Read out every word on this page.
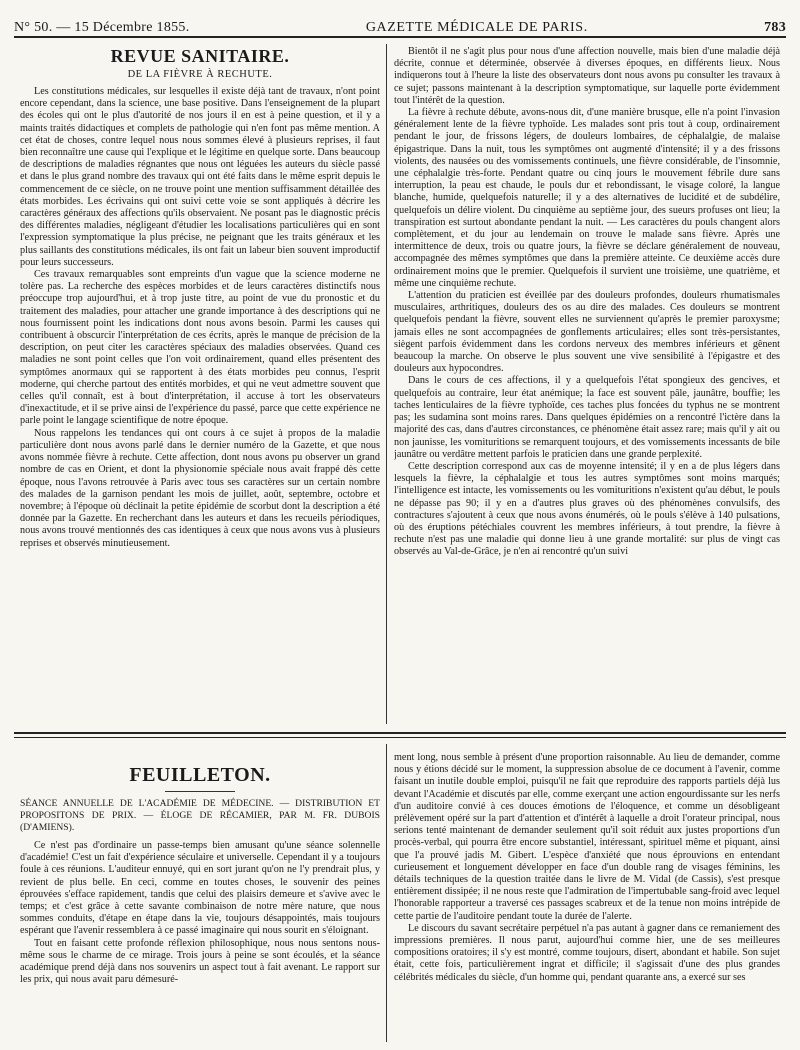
N° 50. — 15 Décembre 1855.	GAZETTE MÉDICALE DE PARIS.	783
REVUE SANITAIRE.
DE LA FIÈVRE À RECHUTE.

Les constitutions médicales, sur lesquelles il existe déjà tant de travaux, n'ont point encore cependant, dans la science, une base positive. Dans l'enseignement de la plupart des écoles qui ont le plus d'autorité de nos jours il en est à peine question, et il y a maints traités didactiques et complets de pathologie qui n'en font pas même mention. A cet état de choses, contre lequel nous nous sommes élevé à plusieurs reprises, il faut bien reconnaître une cause qui l'explique et le légitime en quelque sorte. Dans beaucoup de descriptions de maladies régnantes que nous ont léguées les auteurs du siècle passé et dans le plus grand nombre des travaux qui ont été faits dans le même esprit depuis le commencement de ce siècle, on ne trouve point une mention suffisamment détaillée des états morbides. Les écrivains qui ont suivi cette voie se sont appliqués à décrire les caractères généraux des affections qu'ils observaient. Ne posant pas le diagnostic précis des différentes maladies, négligeant d'étudier les localisations particulières qui en sont l'expression symptomatique la plus précise, ne peignant que les traits généraux et les plus saillants des constitutions médicales, ils ont fait un labeur bien souvent improductif pour leurs successeurs.

Ces travaux remarquables sont empreints d'un vague que la science moderne ne tolère pas. La recherche des espèces morbides et de leurs caractères distinctifs nous préoccupe trop aujourd'hui, et à trop juste titre, au point de vue du pronostic et du traitement des maladies, pour attacher une grande importance à des descriptions qui ne nous fournissent point les indications dont nous avons besoin. Parmi les causes qui contribuent à obscurcir l'interprétation de ces écrits, après le manque de précision de la description, on peut citer les caractères spéciaux des maladies observées. Quand ces maladies ne sont point celles que l'on voit ordinairement, quand elles présentent des symptômes anormaux qui se rapportent à des états morbides peu connus, l'esprit moderne, qui cherche partout des entités morbides, et qui ne veut admettre souvent que celles qu'il connaît, est à bout d'interprétation, il accuse à tort les observateurs d'inexactitude, et il se prive ainsi de l'expérience du passé, parce que cette expérience ne parle point le langage scientifique de notre époque.

Nous rappelons les tendances qui ont cours à ce sujet à propos de la maladie particulière dont nous avons parlé dans le dernier numéro de la Gazette, et que nous avons nommée fièvre à rechute. Cette affection, dont nous avons pu observer un grand nombre de cas en Orient, et dont la physionomie spéciale nous avait frappé dès cette époque, nous l'avons retrouvée à Paris avec tous ses caractères sur un certain nombre des malades de la garnison pendant les mois de juillet, août, septembre, octobre et novembre; à l'époque où déclinait la petite épidémie de scorbut dont la description a été donnée par la Gazette. En recherchant dans les auteurs et dans les recueils périodiques, nous avons trouvé mentionnés des cas identiques à ceux que nous avons vus à plusieurs reprises et observés minutieusement.

Bientôt il ne s'agit plus pour nous d'une affection nouvelle, mais bien d'une maladie déjà décrite, connue et déterminée, observée à diverses époques, en différents lieux. Nous indiquerons tout à l'heure la liste des observateurs dont nous avons pu consulter les travaux à ce sujet; passons maintenant à la description symptomatique, sur laquelle porte évidemment tout l'intérêt de la question.

La fièvre à rechute débute, avons-nous dit, d'une manière brusque, elle n'a point l'invasion généralement lente de la fièvre typhoïde. Les malades sont pris tout à coup, ordinairement pendant le jour, de frissons légers, de douleurs lombaires, de céphalalgie, de malaise épigastrique. Dans la nuit, tous les symptômes ont augmenté d'intensité; il y a des frissons violents, des nausées ou des vomissements continuels, une fièvre considérable, de l'insomnie, une céphalalgie très-forte. Pendant quatre ou cinq jours le mouvement fébrile dure sans interruption, la peau est chaude, le pouls dur et rebondissant, le visage coloré, la langue blanche, humide, quelquefois naturelle; il y a des alternatives de lucidité et de subdélire, quelquefois un délire violent. Du cinquième au septième jour, des sueurs profuses ont lieu; la transpiration est surtout abondante pendant la nuit. — Les caractères du pouls changent alors complètement, et du jour au lendemain on trouve le malade sans fièvre. Après une intermittence de deux, trois ou quatre jours, la fièvre se déclare généralement de nouveau, accompagnée des mêmes symptômes que dans la première atteinte. Ce deuxième accès dure ordinairement moins que le premier. Quelquefois il survient une troisième, une quatrième, et même une cinquième rechute.

L'attention du praticien est éveillée par des douleurs profondes, douleurs rhumatismales musculaires, arthritiques, douleurs des os au dire des malades. Ces douleurs se montrent quelquefois pendant la fièvre, souvent elles ne surviennent qu'après le premier paroxysme; jamais elles ne sont accompagnées de gonflements articulaires; elles sont très-persistantes, siègent parfois évidemment dans les cordons nerveux des membres inférieurs et gênent beaucoup la marche. On observe le plus souvent une vive sensibilité à l'épigastre et des douleurs aux hypocondres.

Dans le cours de ces affections, il y a quelquefois l'état spongieux des gencives, et quelquefois au contraire, leur état anémique; la face est souvent pâle, jaunâtre, bouffie; les taches lenticulaires de la fièvre typhoïde, ces taches plus foncées du typhus ne se montrent pas; les sudamina sont moins rares. Dans quelques épidémies on a rencontré l'ictère dans la majorité des cas, dans d'autres circonstances, ce phénomène était assez rare; mais qu'il y ait ou non jaunisse, les vomituritions se remarquent toujours, et des vomissements incessants de bile jaunâtre ou verdâtre mettent parfois le praticien dans une grande perplexité.

Cette description correspond aux cas de moyenne intensité; il y en a de plus légers dans lesquels la fièvre, la céphalalgie et tous les autres symptômes sont moins marqués; l'intelligence est intacte, les vomissements ou les vomituritions n'existent qu'au début, le pouls ne dépasse pas 90; il y en a d'autres plus graves où des phénomènes convulsifs, des contractures s'ajoutent à ceux que nous avons énumérés, où le pouls s'élève à 140 pulsations, où des éruptions pétéchiales couvrent les membres inférieurs, à tout prendre, la fièvre à rechute n'est pas une maladie qui donne lieu à une grande mortalité: sur plus de vingt cas observés au Val-de-Grâce, je n'en ai rencontré qu'un suivi

FEUILLETON.

SÉANCE ANNUELLE DE L'ACADÉMIE DE MÉDECINE. — DISTRIBUTION ET PROPOSITONS DE PRIX. — ÉLOGE DE RÉCAMIER, PAR M. FR. DUBOIS (D'AMIENS).

Ce n'est pas d'ordinaire un passe-temps bien amusant qu'une séance solennelle d'académie! C'est un fait d'expérience séculaire et universelle. Cependant il y a toujours foule à ces réunions. L'auditeur ennuyé, qui en sort jurant qu'on ne l'y prendrait plus, y revient de plus belle. En ceci, comme en toutes choses, le souvenir des peines éprouvées s'efface rapidement, tandis que celui des plaisirs demeure et s'avive avec le temps; et c'est grâce à cette savante combinaison de notre mère nature, que nous sommes conduits, d'étape en étape dans la vie, toujours désappointés, mais toujours espérant que l'avenir ressemblera à ce passé imaginaire qui nous sourit en s'éloignant.

Tout en faisant cette profonde réflexion philosophique, nous nous sentons nous-même sous le charme de ce mirage. Trois jours à peine se sont écoulés, et la séance académique prend déjà dans nos souvenirs un aspect tout à fait avenant. Le rapport sur les prix, qui nous avait paru démesuré-

ment long, nous semble à présent d'une proportion raisonnable. Au lieu de demander, comme nous y étions décidé sur le moment, la suppression absolue de ce document à l'avenir, comme faisant un inutile double emploi, puisqu'il ne fait que reproduire des rapports partiels déjà lus devant l'Académie et discutés par elle, comme exerçant une action engourdissante sur les nerfs d'un auditoire convié à ces douces émotions de l'éloquence, et comme un désobligeant prélèvement opéré sur la part d'attention et d'intérêt à laquelle a droit l'orateur principal, nous serions tenté maintenant de demander seulement qu'il soit réduit aux justes proportions d'un procès-verbal, qui pourra être encore substantiel, intéressant, spirituel même et piquant, ainsi que l'a prouvé jadis M. Gibert. L'espèce d'anxiété que nous éprouvions en entendant curieusement et longuement développer en face d'un double rang de visages féminins, les détails techniques de la question traitée dans le livre de M. Vidal (de Cassis), s'est presque entièrement dissipée; il ne nous reste que l'admiration de l'impertubable sang-froid avec lequel l'honorable rapporteur a traversé ces passages scabreux et de la tenue non moins intrépide de cette partie de l'auditoire pendant toute la durée de l'alerte.

Le discours du savant secrétaire perpétuel n'a pas autant à gagner dans ce remaniement des impressions premières. Il nous parut, aujourd'hui comme hier, une de ses meilleures compositions oratoires; il s'y est montré, comme toujours, disert, abondant et habile. Son sujet était, cette fois, particulièrement ingrat et difficile; il s'agissait d'une des plus grandes célébrités médicales du siècle, d'un homme qui, pendant quarante ans, a exercé sur ses
